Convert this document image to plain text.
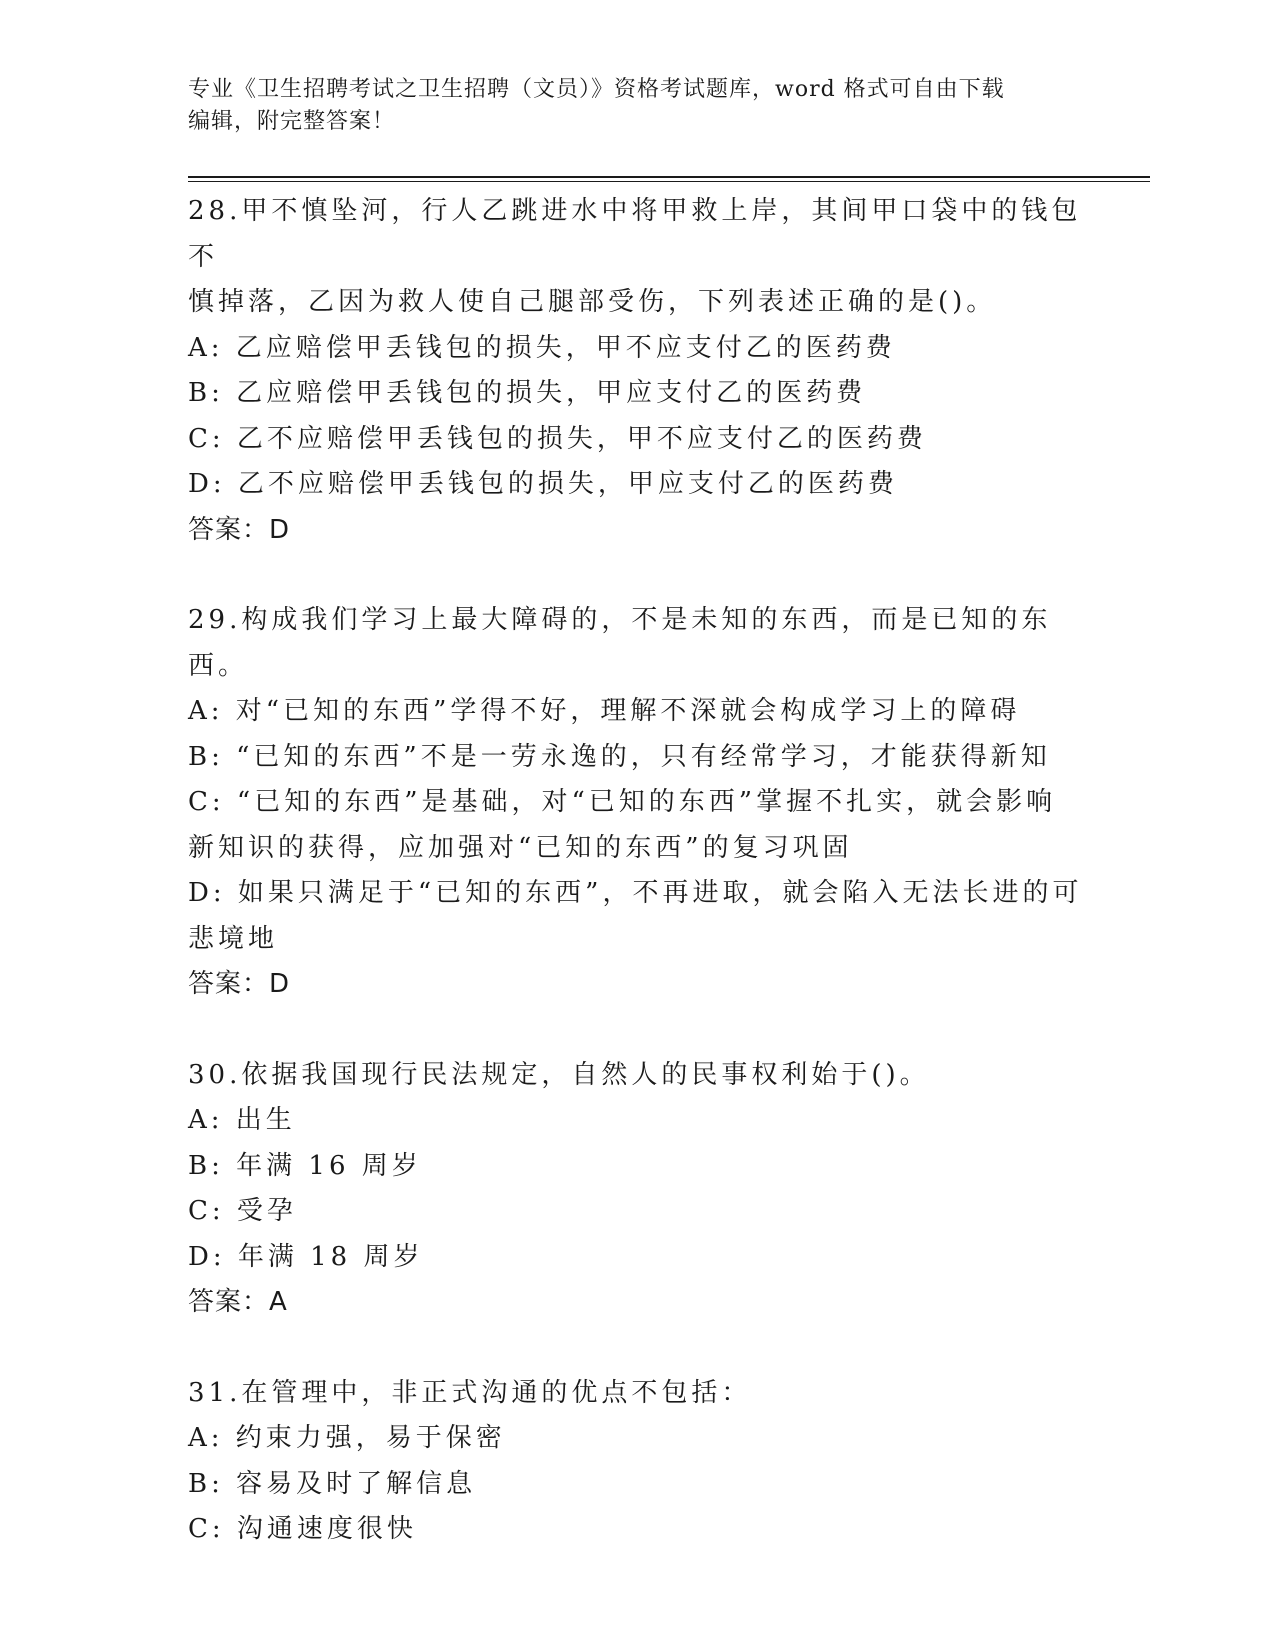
专业《卫生招聘考试之卫生招聘（文员）》资格考试题库，word 格式可自由下载
编辑，附完整答案！

28.甲不慎坠河，行人乙跳进水中将甲救上岸，其间甲口袋中的钱包不

慎掉落，乙因为救人使自己腿部受伤，下列表述正确的是()。

A: 乙应赔偿甲丢钱包的损失，甲不应支付乙的医药费

B: 乙应赔偿甲丢钱包的损失，甲应支付乙的医药费

C: 乙不应赔偿甲丢钱包的损失，甲不应支付乙的医药费

D: 乙不应赔偿甲丢钱包的损失，甲应支付乙的医药费

答案：D

29.构成我们学习上最大障碍的，不是未知的东西，而是已知的东西。

A: 对“已知的东西”学得不好，理解不深就会构成学习上的障碍

B: “已知的东西”不是一劳永逸的，只有经常学习，才能获得新知

C: “已知的东西”是基础，对“已知的东西”掌握不扎实，就会影响

新知识的获得，应加强对“已知的东西”的复习巩固

D: 如果只满足于“已知的东西”，不再进取，就会陷入无法长进的可

悲境地

答案：D

30.依据我国现行民法规定，自然人的民事权利始于()。

A: 出生

B: 年满 16 周岁

C: 受孕

D: 年满 18 周岁

答案：A

31.在管理中，非正式沟通的优点不包括：

A: 约束力强，易于保密

B: 容易及时了解信息

C: 沟通速度很快
